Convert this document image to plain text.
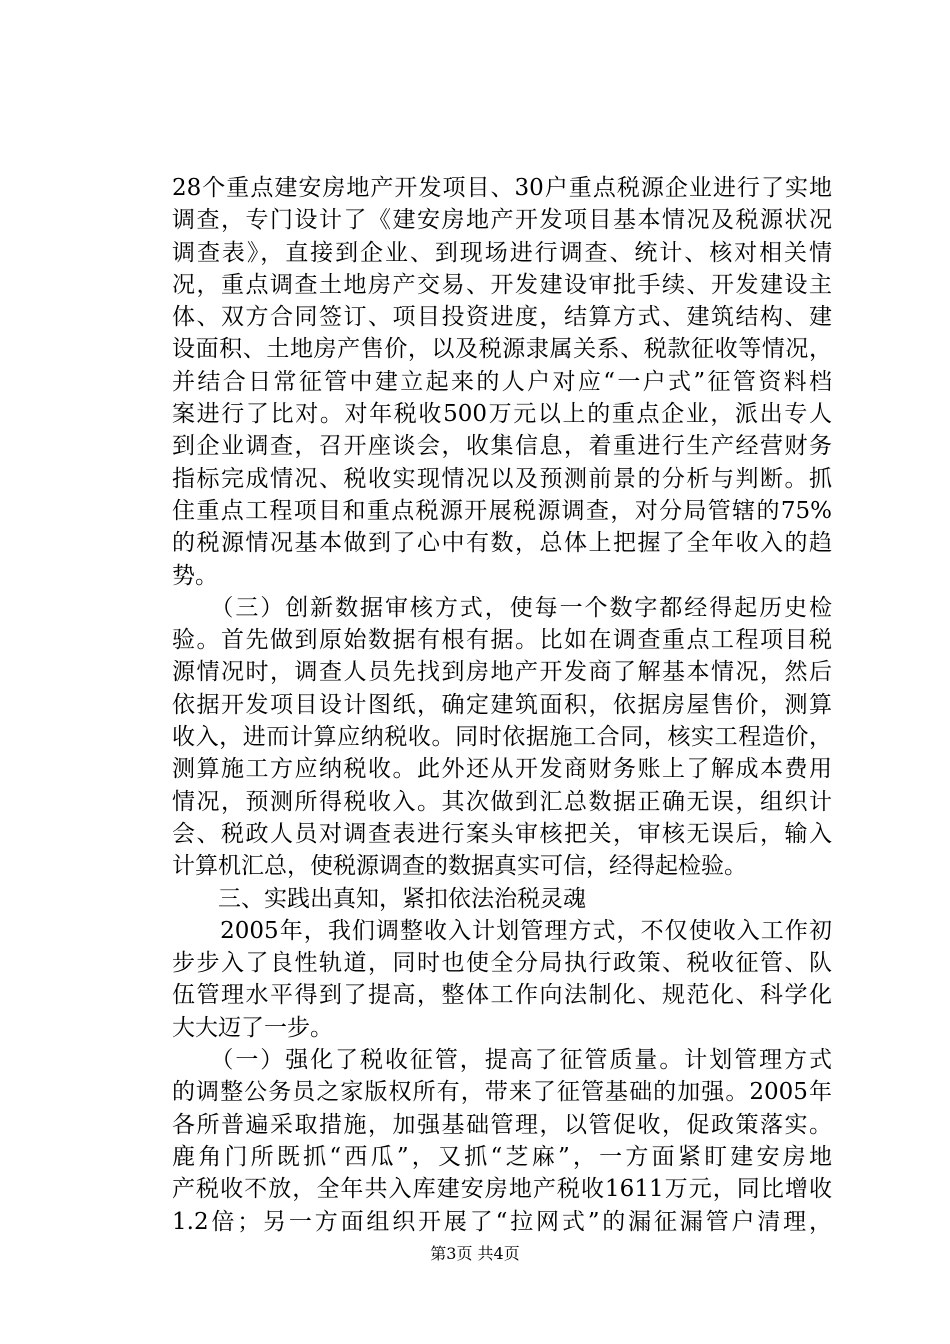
28个重点建安房地产开发项目、30户重点税源企业进行了实地
调查，专门设计了《建安房地产开发项目基本情况及税源状况
调查表》，直接到企业、到现场进行调查、统计、核对相关情
况，重点调查土地房产交易、开发建设审批手续、开发建设主
体、双方合同签订、项目投资进度，结算方式、建筑结构、建
设面积、土地房产售价，以及税源隶属关系、税款征收等情况，
并结合日常征管中建立起来的人户对应“一户式”征管资料档
案进行了比对。对年税收500万元以上的重点企业，派出专人
到企业调查，召开座谈会，收集信息，着重进行生产经营财务
指标完成情况、税收实现情况以及预测前景的分析与判断。抓
住重点工程项目和重点税源开展税源调查，对分局管辖的75%
的税源情况基本做到了心中有数，总体上把握了全年收入的趋
势。
　　（三）创新数据审核方式，使每一个数字都经得起历史检
验。首先做到原始数据有根有据。比如在调查重点工程项目税
源情况时，调查人员先找到房地产开发商了解基本情况，然后
依据开发项目设计图纸，确定建筑面积，依据房屋售价，测算
收入，进而计算应纳税收。同时依据施工合同，核实工程造价，
测算施工方应纳税收。此外还从开发商财务账上了解成本费用
情况，预测所得税收入。其次做到汇总数据正确无误，组织计
会、税政人员对调查表进行案头审核把关，审核无误后，输入
计算机汇总，使税源调查的数据真实可信，经得起检验。
　　三、实践出真知，紧扣依法治税灵魂
　　2005年，我们调整收入计划管理方式，不仅使收入工作初
步步入了良性轨道，同时也使全分局执行政策、税收征管、队
伍管理水平得到了提高，整体工作向法制化、规范化、科学化
大大迈了一步。
　　（一）强化了税收征管，提高了征管质量。计划管理方式
的调整公务员之家版权所有，带来了征管基础的加强。2005年
各所普遍采取措施，加强基础管理，以管促收，促政策落实。
鹿角门所既抓“西瓜”，又抓“芝麻”，一方面紧盯建安房地
产税收不放，全年共入库建安房地产税收1611万元，同比增收
1.2倍；另一方面组织开展了“拉网式”的漏征漏管户清理，
第3页 共4页
